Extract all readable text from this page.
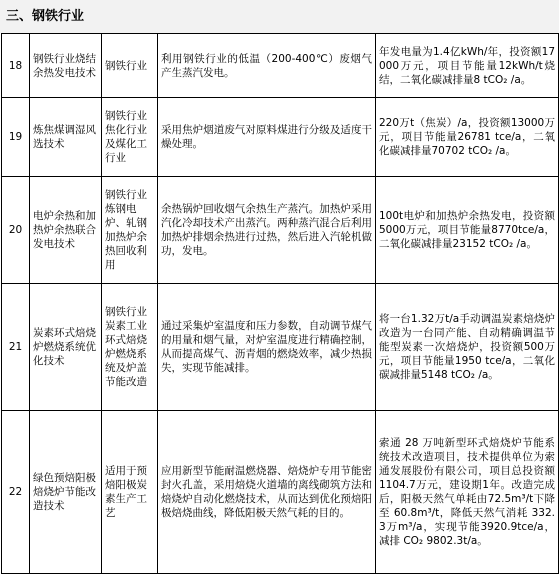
三、钢铁行业
18	钢铁行业烧结余热发电技术	钢铁行业	利用钢铁行业的低温（200-400℃）废烟气产生蒸汽发电。	年发电量为1.4亿kWh/年，投资额17000万元，项目节能量12kWh/t烧结，二氧化碳减排量8 tCO₂ /a。
19	炼焦煤调湿风选技术	钢铁行业焦化行业及煤化工行业	采用焦炉烟道废气对原料煤进行分级及适度干燥处理。	220万t（焦炭）/a，投资额13000万元，项目节能量26781 tce/a，二氧化碳减排量70702 tCO₂ /a。
20	电炉余热和加热炉余热联合发电技术	钢铁行业炼钢电炉、轧钢加热炉余热回收利用	余热锅炉回收烟气余热生产蒸汽。加热炉采用汽化冷却技术产出蒸汽。两种蒸汽混合后利用加热炉排烟余热进行过热，然后进入汽轮机做功，发电。	100t电炉和加热炉余热发电，投资额5000万元，项目节能量8770tce/a，二氧化碳减排量23152 tCO₂ /a。
21	炭素环式焙烧炉燃烧系统优化技术	钢铁行业炭素工业环式焙烧炉燃烧系统及炉盖节能改造	通过采集炉室温度和压力参数，自动调节煤气的用量和烟气量，对炉室温度进行精确控制，从而提高煤气、沥青烟的燃烧效率，减少热损失，实现节能减排。	将一台1.32万t/a手动调温炭素焙烧炉改造为一台同产能、自动精确调温节能型炭素一次焙烧炉，投资额500万元，项目节能量1950 tce/a，二氧化碳减排量5148 tCO₂ /a。
22	绿色预焙阳极焙烧炉节能改造技术	适用于预焙阳极炭素生产工艺	应用新型节能耐温燃烧器、焙烧炉专用节能密封火孔盖，采用焙烧火道墙的离线砌筑方法和焙烧炉自动化燃烧技术，从而达到优化预焙阳极焙烧曲线，降低阳极天然气耗的目的。	索通 28 万吨新型环式焙烧炉节能系统技术改造项目，技术提供单位为索通发展股份有限公司，项目总投资额 1104.7万元，建设期1年。改造完成后，阳极天然气单耗由72.5m³/t下降至 60.8m³/t，降低天然气消耗 332.3万m³/a，实现节能3920.9tce/a，减排 CO₂ 9802.3t/a。
